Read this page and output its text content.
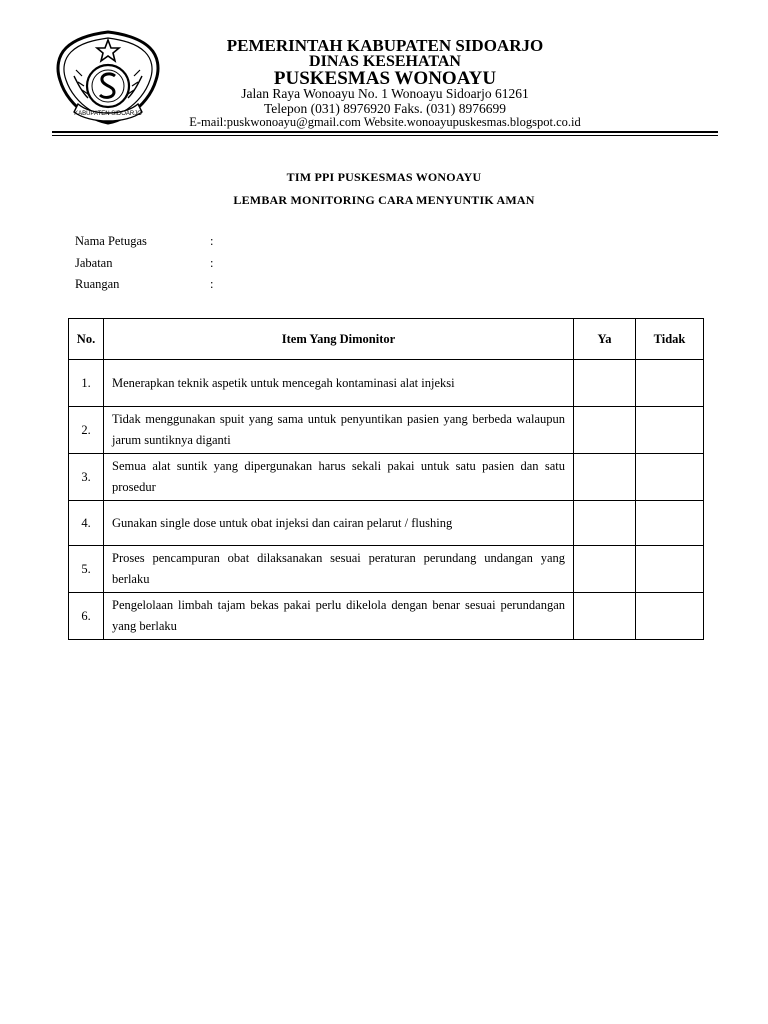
KABUPATEN SIDOARJO
PEMERINTAH KABUPATEN SIDOARJO
DINAS KESEHATAN
PUSKESMAS WONOAYU
Jalan Raya Wonoayu No. 1 Wonoayu Sidoarjo 61261
Telepon (031) 8976920 Faks. (031) 8976699
E-mail:puskwonoayu@gmail.com Website.wonoayupuskesmas.blogspot.co.id
TIM PPI PUSKESMAS WONOAYU
LEMBAR MONITORING CARA MENYUNTIK AMAN
Nama Petugas	:
Jabatan	:
Ruangan	:
No.	Item Yang Dimonitor	Ya	Tidak
1.	Menerapkan teknik aspetik untuk mencegah kontaminasi alat injeksi	

2.	Tidak menggunakan spuit yang sama untuk penyuntikan pasien yang berbeda walaupun jarum suntiknya diganti	

3.	Semua alat suntik yang dipergunakan harus sekali pakai untuk satu pasien dan satu prosedur	

4.	Gunakan single dose untuk obat injeksi dan cairan pelarut / flushing	

5.	Proses pencampuran obat dilaksanakan sesuai peraturan perundang undangan yang berlaku	

6.	Pengelolaan limbah tajam bekas pakai perlu dikelola dengan benar sesuai perundangan yang berlaku	
